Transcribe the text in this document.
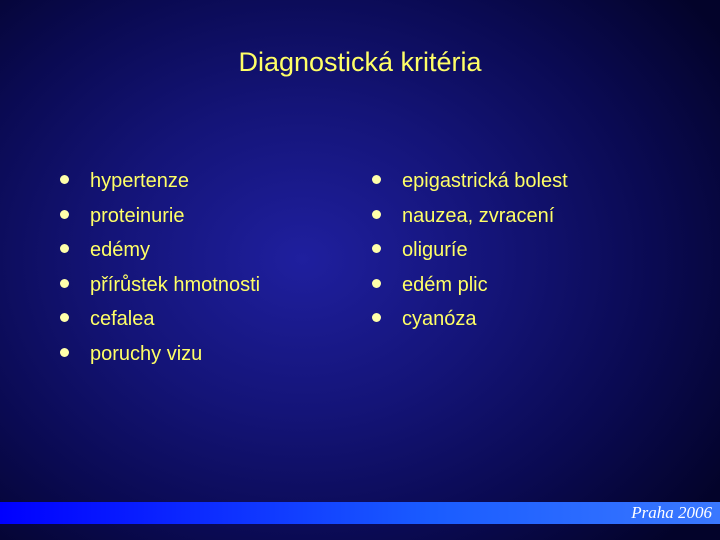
Diagnostická kritéria
hypertenze
proteinurie
edémy
přírůstek hmotnosti
cefalea
poruchy vizu
epigastrická bolest
nauzea, zvracení
oliguríe
edém plic
cyanóza
Praha 2006
